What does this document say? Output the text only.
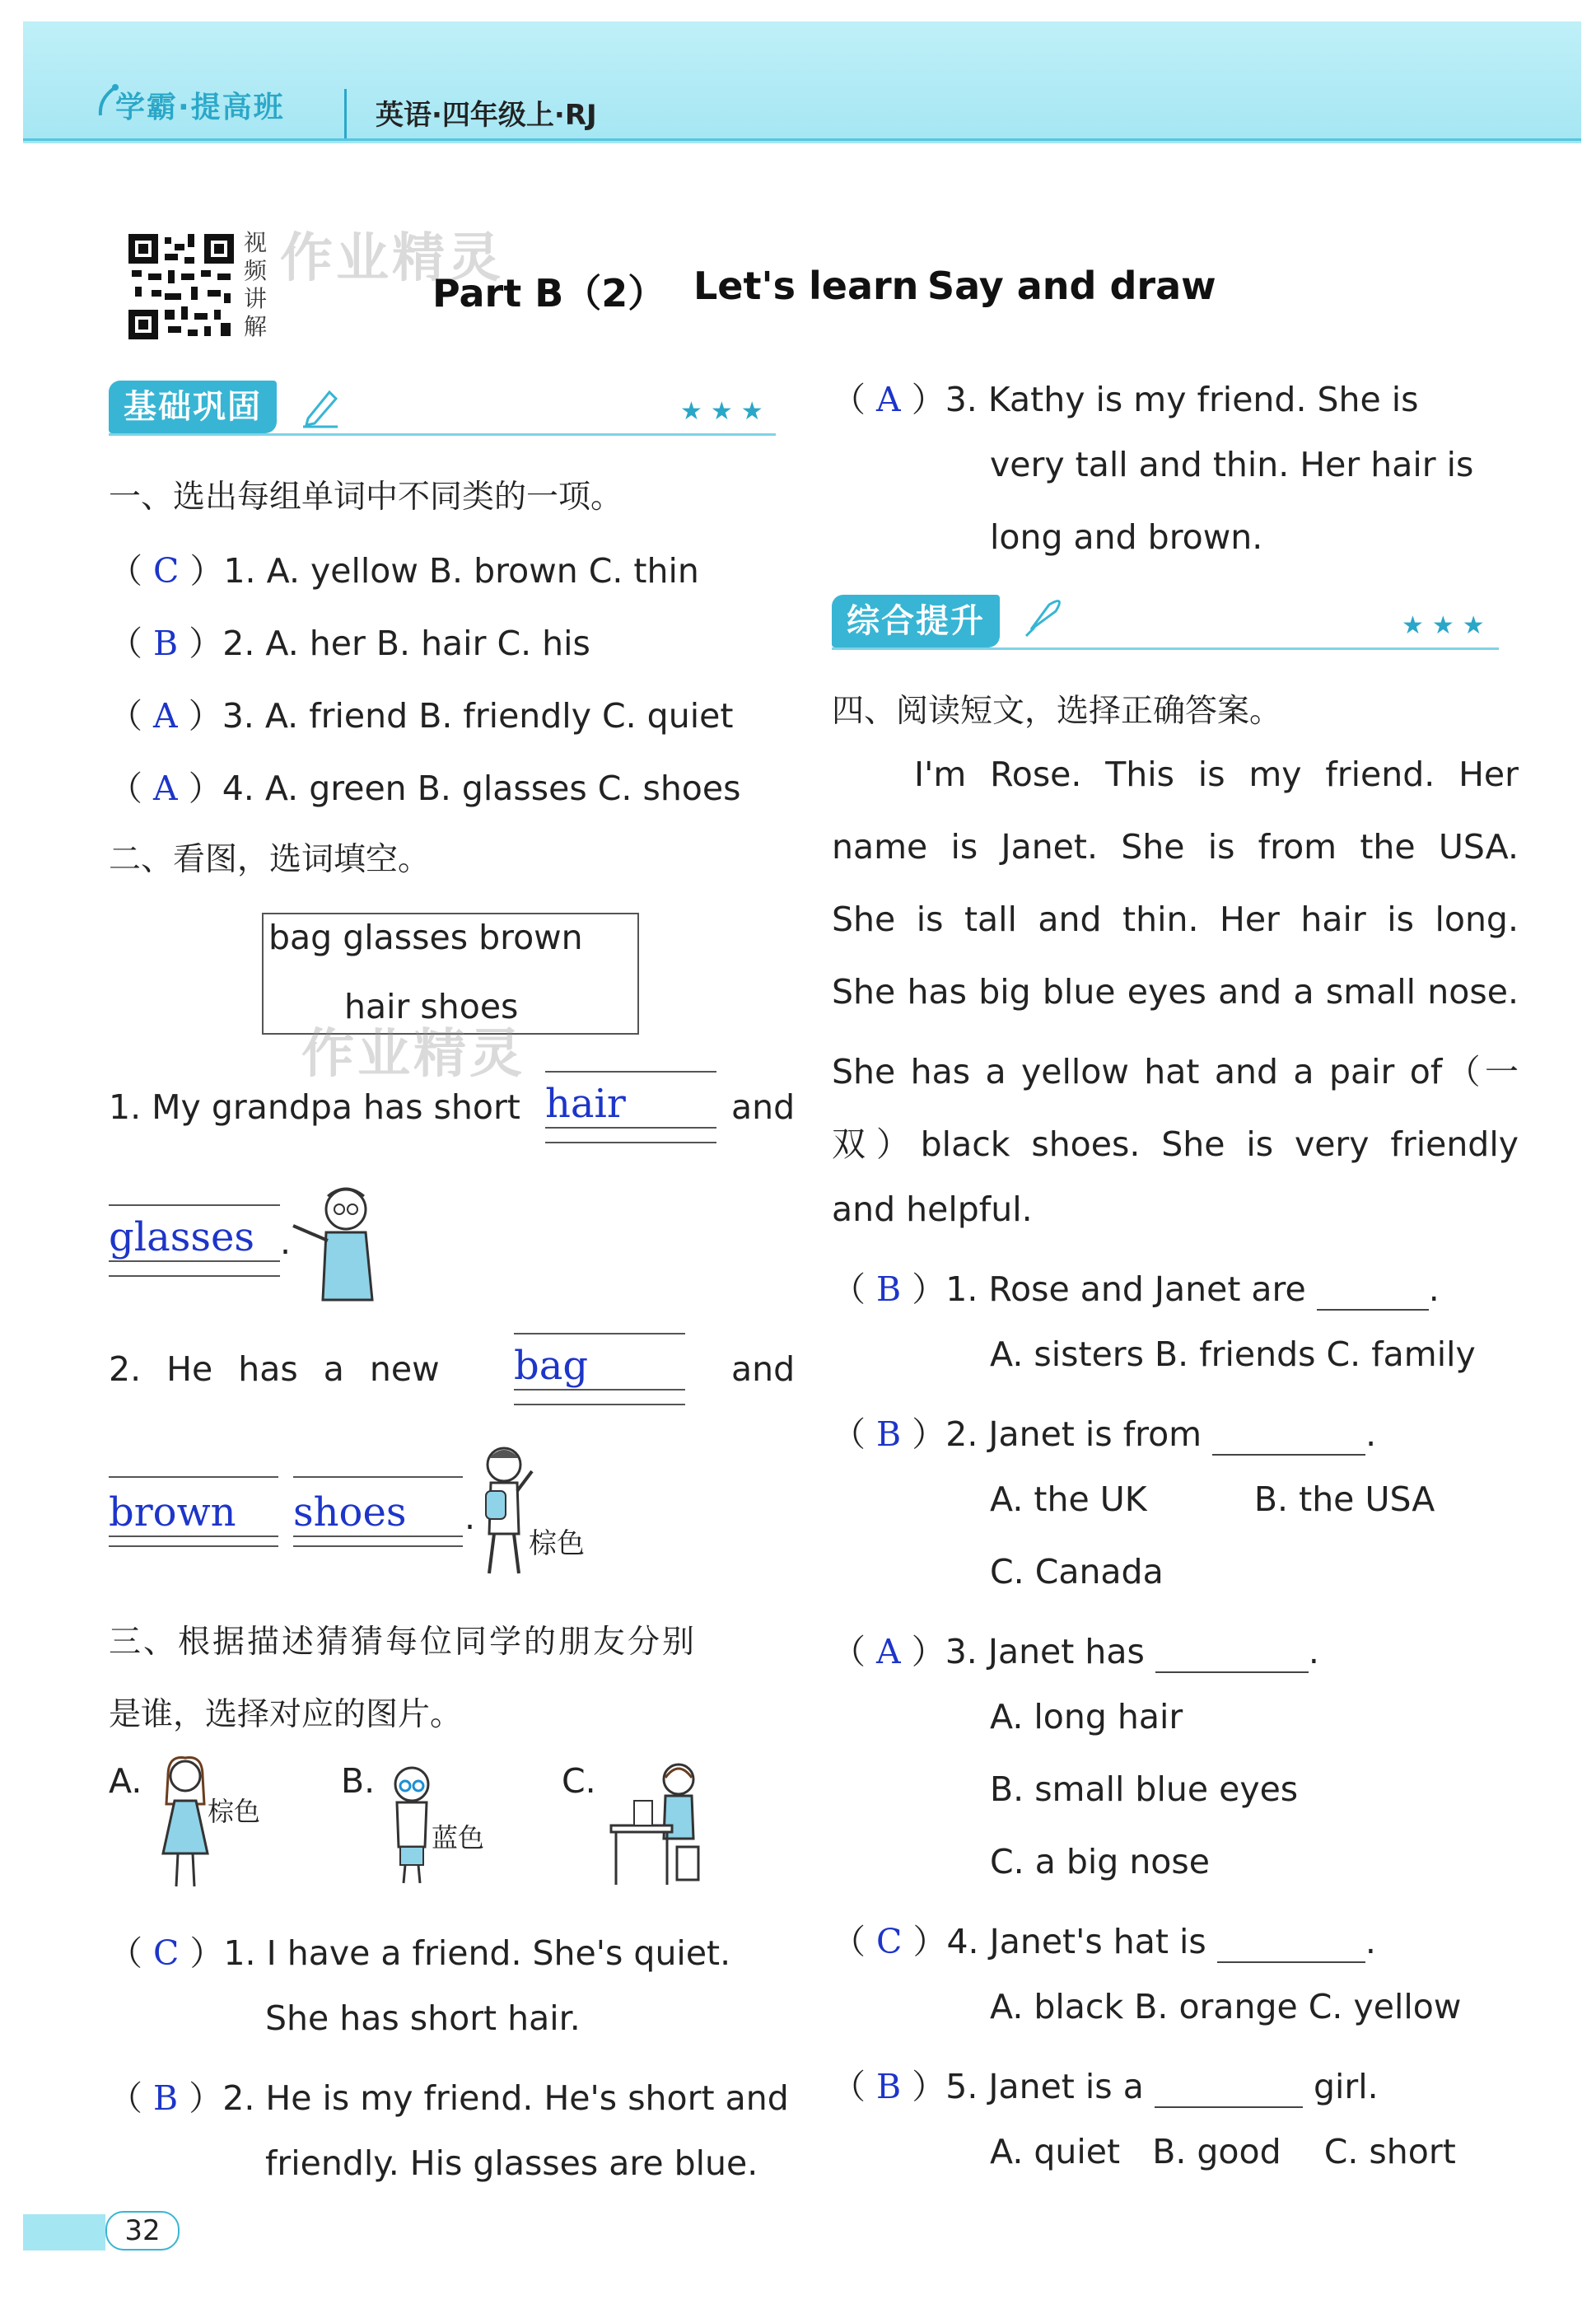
学霸·提高班	英语·四年级上·RJ
视
频
讲
解
作业精灵
Part B（2） Let's learn Say and draw
基础巩固	★★★
一、选出每组单词中不同类的一项。
（ C ）1. A. yellow B. brown C. thin
（ B ）2. A. her B. hair C. his
（ A ）3. A. friend B. friendly C. quiet
（ A ）4. A. green B. glasses C. shoes
二、看图，选词填空。
bag glasses brown
hair shoes
作业精灵
1. My grandpa has short hair	and
glasses .
2. He has a new bag	and
brown	shoes	.
棕色
三、根据描述猜猜每位同学的朋友分别
是谁，选择对应的图片。
A.
棕色
B.
蓝色
C.
（ C ）1. I have a friend. She's quiet.
She has short hair.
（ B ）2. He is my friend. He's short and
friendly. His glasses are blue.
（ A ）3. Kathy is my friend. She is
very tall and thin. Her hair is
long and brown.
综合提升	★★★
四、阅读短文，选择正确答案。
I'm Rose. This is my friend. Her
name is Janet. She is from the USA.
She is tall and thin. Her hair is long.
She has big blue eyes and a small nose.
She has a yellow hat and a pair of（一
双）black shoes. She is very friendly
and helpful.
（ B ）1. Rose and Janet are	.
A. sisters B. friends C. family
（ B ）2. Janet is from	.
A. the UK          B. the USA
C. Canada
（ A ）3. Janet has	.
A. long hair
B. small blue eyes
C. a big nose
（ C ）4. Janet's hat is	.
A. black B. orange C. yellow
（ B ）5. Janet is a	girl.
A. quiet   B. good    C. short
32
